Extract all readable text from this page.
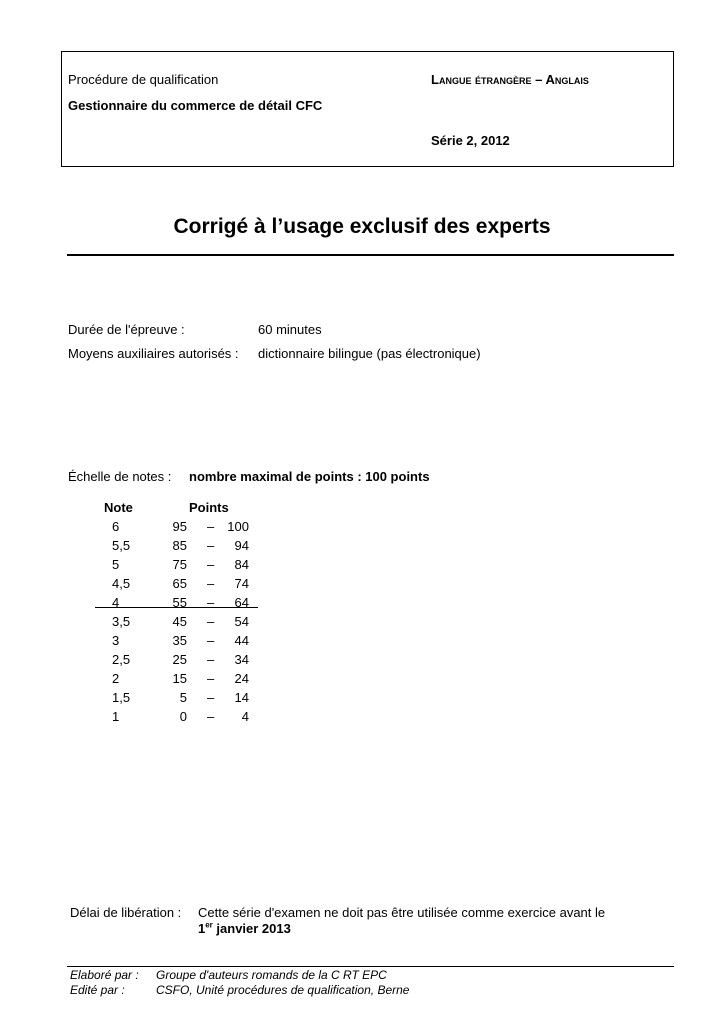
Procédure de qualification	Langue étrangère – Anglais
Gestionnaire du commerce de détail CFC
Série 2, 2012
Corrigé à l’usage exclusif des experts
Durée de l'épreuve :	60 minutes
Moyens auxiliaires autorisés : dictionnaire bilingue (pas électronique)
Échelle de notes : nombre maximal de points : 100 points
Note	Points
6	95 –	100
5,5	85 –	94
5	75 –	84
4,5	65 –	74
4	55 –	64
3,5	45 –	54
3	35 –	44
2,5	25 –	34
2	15 –	24
1,5	5 –	14
1	0 –	4
Délai de libération : Cette série d'examen ne doit pas être utilisée comme exercice avant le
1er janvier 2013
Elaboré par : Groupe d'auteurs romands de la C RT EPC
Edité par :	CSFO, Unité procédures de qualification, Berne
